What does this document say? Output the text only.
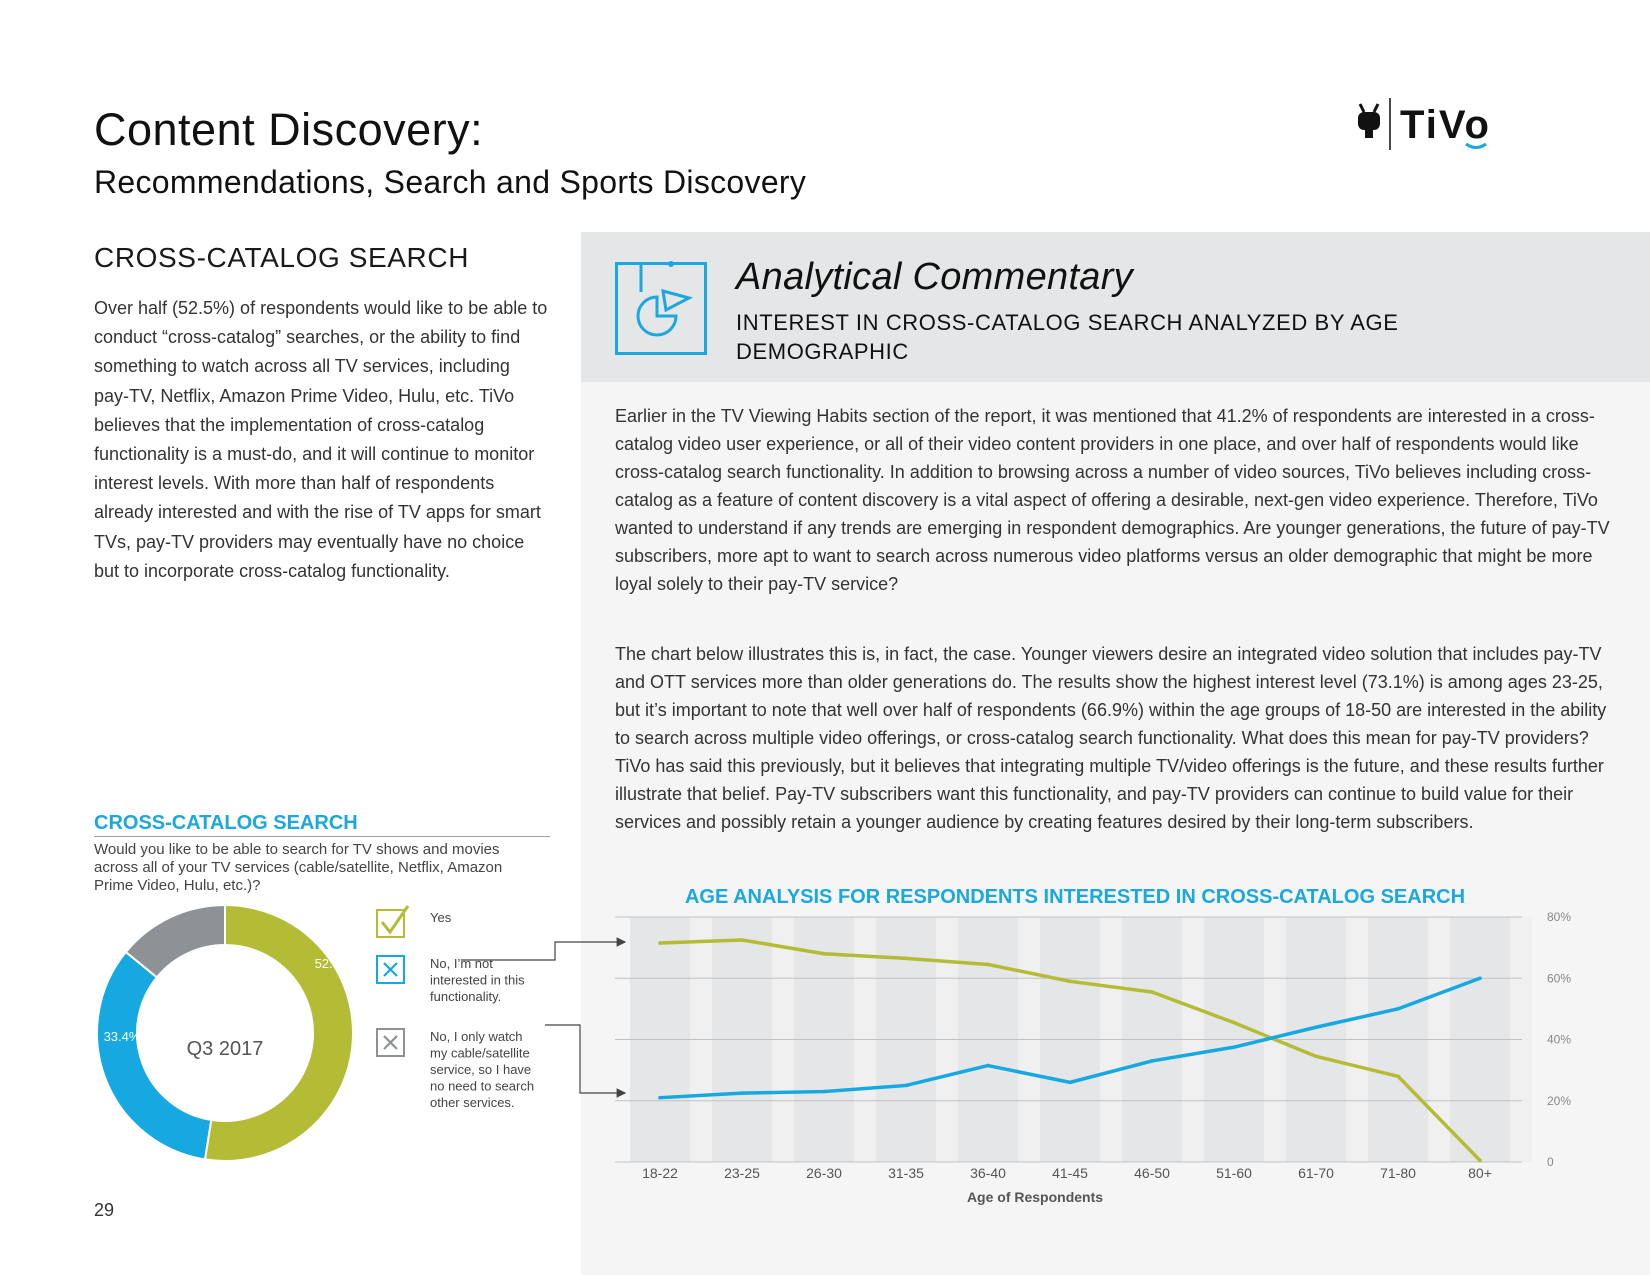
Content Discovery:
Recommendations, Search and Sports Discovery
TiVo
CROSS-CATALOG SEARCH
Over half (52.5%) of respondents would like to be able to conduct “cross-catalog” searches, or the ability to find something to watch across all TV services, including pay-TV, Netflix, Amazon Prime Video, Hulu, etc. TiVo believes that the implementation of cross-catalog functionality is a must-do, and it will continue to monitor interest levels. With more than half of respondents already interested and with the rise of TV apps for smart TVs, pay-TV providers may eventually have no choice but to incorporate cross-catalog functionality.
Analytical Commentary
INTEREST IN CROSS-CATALOG SEARCH ANALYZED BY AGE DEMOGRAPHIC
Earlier in the TV Viewing Habits section of the report, it was mentioned that 41.2% of respondents are interested in a cross-catalog video user experience, or all of their video content providers in one place, and over half of respondents would like cross-catalog search functionality. In addition to browsing across a number of video sources, TiVo believes including cross-catalog as a feature of content discovery is a vital aspect of offering a desirable, next-gen video experience. Therefore, TiVo wanted to understand if any trends are emerging in respondent demographics. Are younger generations, the future of pay-TV subscribers, more apt to want to search across numerous video platforms versus an older demographic that might be more loyal solely to their pay-TV service?
The chart below illustrates this is, in fact, the case. Younger viewers desire an integrated video solution that includes pay-TV and OTT services more than older generations do. The results show the highest interest level (73.1%) is among ages 23-25, but it’s important to note that well over half of respondents (66.9%) within the age groups of 18-50 are interested in the ability to search across multiple video offerings, or cross-catalog search functionality. What does this mean for pay-TV providers? TiVo has said this previously, but it believes that integrating multiple TV/video offerings is the future, and these results further illustrate that belief. Pay-TV subscribers want this functionality, and pay-TV providers can continue to build value for their services and possibly retain a younger audience by creating features desired by their long-term subscribers.
CROSS-CATALOG SEARCH
Would you like to be able to search for TV shows and movies across all of your TV services (cable/satellite, Netflix, Amazon Prime Video, Hulu, etc.)?
52.5%
33.4%
14.1%
Q3 2017
Yes
No, I’m not interested in this functionality.
No, I only watch my cable/satellite service, so I have no need to search other services.
0
20%
40%
60%
80%
18-22	23-25	26-30	31-35	36-40	41-45	46-50	51-60	61-70	71-80	80+
Age of Respondents
AGE ANALYSIS FOR RESPONDENTS INTERESTED IN CROSS-CATALOG SEARCH
29
